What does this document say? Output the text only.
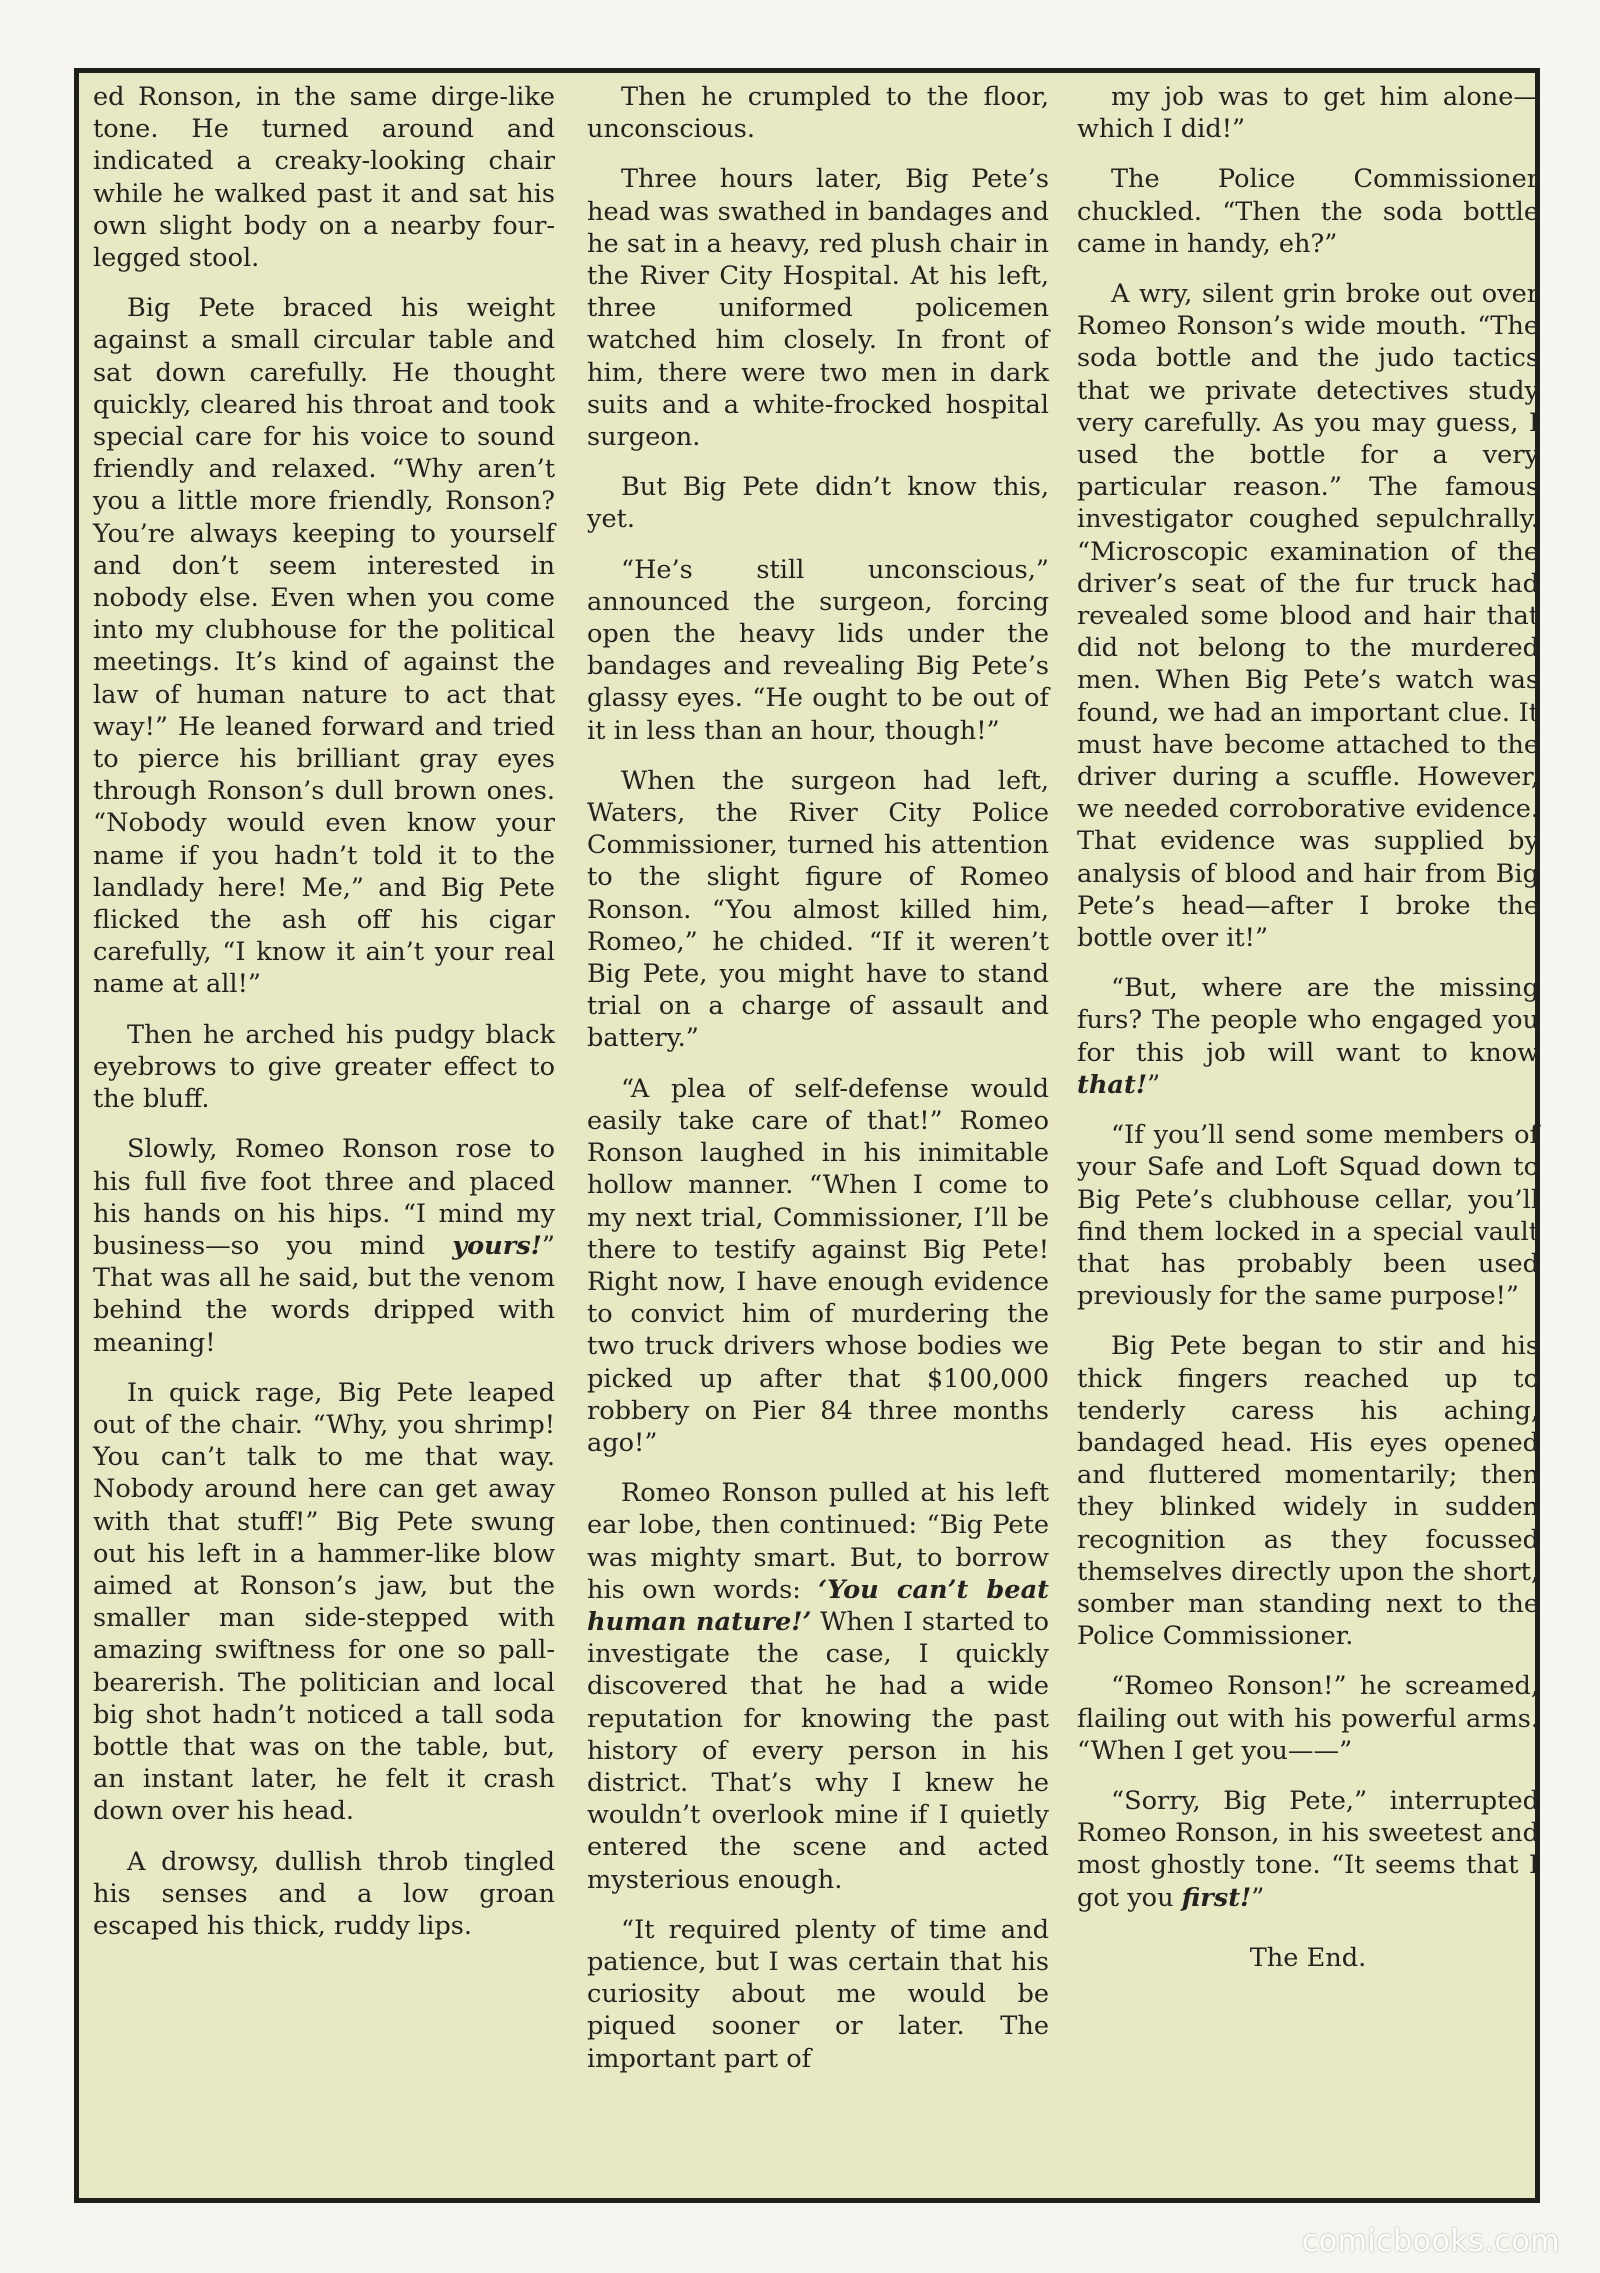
ed Ronson, in the same dirge-like tone. He turned around and indicated a creaky-looking chair while he walked past it and sat his own slight body on a nearby four-legged stool.

Big Pete braced his weight against a small circular table and sat down carefully. He thought quickly, cleared his throat and took special care for his voice to sound friendly and relaxed. “Why aren’t you a little more friendly, Ronson? You’re always keeping to yourself and don’t seem interested in nobody else. Even when you come into my clubhouse for the political meetings. It’s kind of against the law of human nature to act that way!” He leaned forward and tried to pierce his brilliant gray eyes through Ronson’s dull brown ones. “Nobody would even know your name if you hadn’t told it to the landlady here! Me,” and Big Pete flicked the ash off his cigar carefully, “I know it ain’t your real name at all!”

Then he arched his pudgy black eyebrows to give greater effect to the bluff.

Slowly, Romeo Ronson rose to his full five foot three and placed his hands on his hips. “I mind my business—so you mind yours!” That was all he said, but the venom behind the words dripped with meaning!

In quick rage, Big Pete leaped out of the chair. “Why, you shrimp! You can’t talk to me that way. Nobody around here can get away with that stuff!” Big Pete swung out his left in a hammer-like blow aimed at Ronson’s jaw, but the smaller man side-stepped with amazing swiftness for one so pall-bearerish. The politician and local big shot hadn’t noticed a tall soda bottle that was on the table, but, an instant later, he felt it crash down over his head.

A drowsy, dullish throb tingled his senses and a low groan escaped his thick, ruddy lips.

Then he crumpled to the floor, unconscious.

Three hours later, Big Pete’s head was swathed in bandages and he sat in a heavy, red plush chair in the River City Hospital. At his left, three uniformed policemen watched him closely. In front of him, there were two men in dark suits and a white-frocked hospital surgeon.

But Big Pete didn’t know this, yet.

“He’s still unconscious,” announced the surgeon, forcing open the heavy lids under the bandages and revealing Big Pete’s glassy eyes. “He ought to be out of it in less than an hour, though!”

When the surgeon had left, Waters, the River City Police Commissioner, turned his attention to the slight figure of Romeo Ronson. “You almost killed him, Romeo,” he chided. “If it weren’t Big Pete, you might have to stand trial on a charge of assault and battery.”

“A plea of self-defense would easily take care of that!” Romeo Ronson laughed in his inimitable hollow manner. “When I come to my next trial, Commissioner, I’ll be there to testify against Big Pete! Right now, I have enough evidence to convict him of murdering the two truck drivers whose bodies we picked up after that $100,000 robbery on Pier 84 three months ago!”

Romeo Ronson pulled at his left ear lobe, then continued: “Big Pete was mighty smart. But, to borrow his own words: ‘You can’t beat human nature!’ When I started to investigate the case, I quickly discovered that he had a wide reputation for knowing the past history of every person in his district. That’s why I knew he wouldn’t overlook mine if I quietly entered the scene and acted mysterious enough.

“It required plenty of time and patience, but I was certain that his curiosity about me would be piqued sooner or later. The important part of

my job was to get him alone—which I did!”

The Police Commissioner chuckled. “Then the soda bottle came in handy, eh?”

A wry, silent grin broke out over Romeo Ronson’s wide mouth. “The soda bottle and the judo tactics that we private detectives study very carefully. As you may guess, I used the bottle for a very particular reason.” The famous investigator coughed sepulchrally. “Microscopic examination of the driver’s seat of the fur truck had revealed some blood and hair that did not belong to the murdered men. When Big Pete’s watch was found, we had an important clue. It must have become attached to the driver during a scuffle. However, we needed corroborative evidence. That evidence was supplied by analysis of blood and hair from Big Pete’s head—after I broke the bottle over it!”

“But, where are the missing furs? The people who engaged you for this job will want to know that!”

“If you’ll send some members of your Safe and Loft Squad down to Big Pete’s clubhouse cellar, you’ll find them locked in a special vault that has probably been used previously for the same purpose!”

Big Pete began to stir and his thick fingers reached up to tenderly caress his aching, bandaged head. His eyes opened and fluttered momentarily; then they blinked widely in sudden recognition as they focussed themselves directly upon the short, somber man standing next to the Police Commissioner.

“Romeo Ronson!” he screamed, flailing out with his powerful arms. “When I get you——”

“Sorry, Big Pete,” interrupted Romeo Ronson, in his sweetest and most ghostly tone. “It seems that I got you first!”

The End.

comicbooks.com
